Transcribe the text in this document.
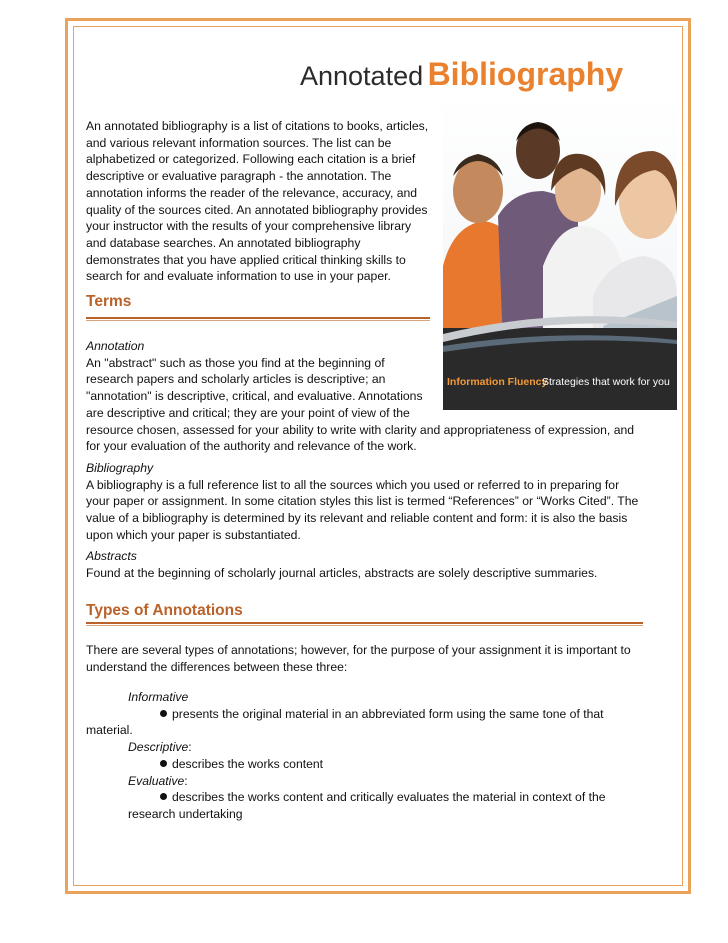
Annotated Bibliography
Information Fluency
Strategies that work for you
An annotated bibliography is a list of citations to books, articles,
and various relevant information sources. The list can be
alphabetized or categorized. Following each citation is a brief
descriptive or evaluative paragraph - the annotation. The
annotation informs the reader of the relevance, accuracy, and
quality of the sources cited. An annotated bibliography provides
your instructor with the results of your comprehensive library
and database searches. An annotated bibliography
demonstrates that you have applied critical thinking skills to
search for and evaluate information to use in your paper.
Terms
Annotation
An "abstract" such as those you find at the beginning of
research papers and scholarly articles is descriptive; an
"annotation" is descriptive, critical, and evaluative. Annotations
are descriptive and critical; they are your point of view of the
resource chosen, assessed for your ability to write with clarity and appropriateness of expression, and
for your evaluation of the authority and relevance of the work.
Bibliography
A bibliography is a full reference list to all the sources which you used or referred to in preparing for
your paper or assignment. In some citation styles this list is termed “References” or “Works Cited”. The
value of a bibliography is determined by its relevant and reliable content and form: it is also the basis
upon which your paper is substantiated.
Abstracts
Found at the beginning of scholarly journal articles, abstracts are solely descriptive summaries.
Types of Annotations
There are several types of annotations; however, for the purpose of your assignment it is important to
understand the differences between these three:
Informative
presents the original material in an abbreviated form using the same tone of that
material.
Descriptive:
describes the works content
Evaluative:
describes the works content and critically evaluates the material in context of the
research undertaking
